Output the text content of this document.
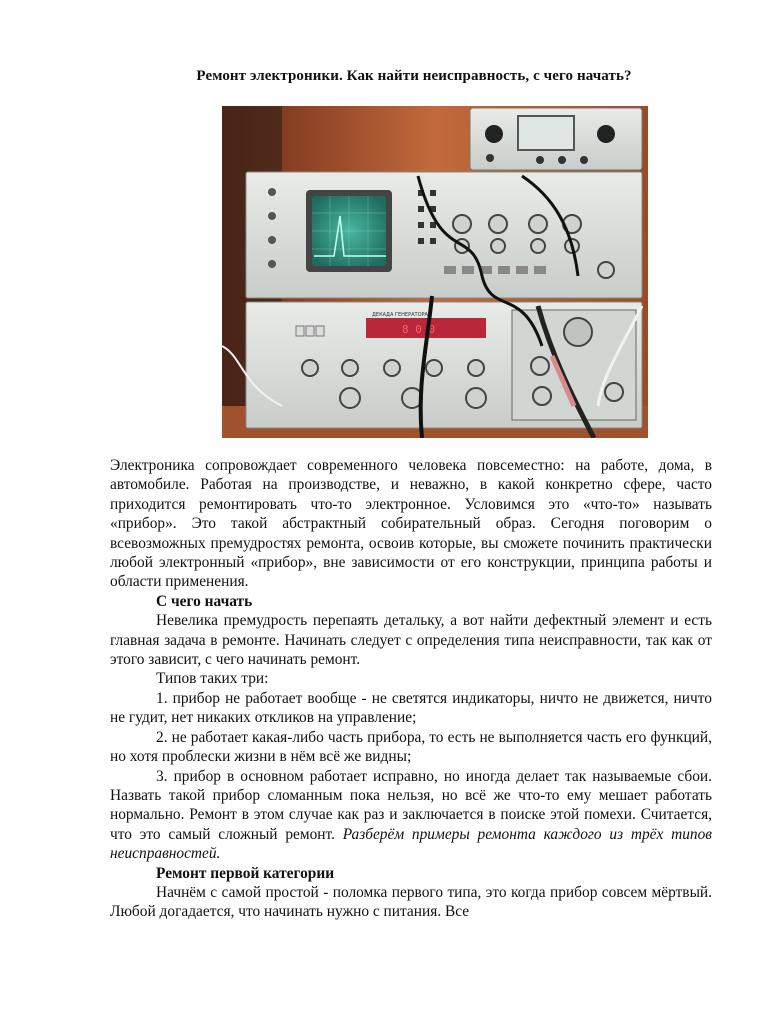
Ремонт электроники. Как найти неисправность, с чего начать?
ДЕКАДА ГЕНЕРАТОРА
8 0 0

Электроника сопровождает современного человека повсеместно: на работе, дома, в автомобиле. Работая на производстве, и неважно, в какой конкретно сфере, часто приходится ремонтировать что-то электронное. Условимся это «что-то» называть «прибор». Это такой абстрактный собирательный образ. Сегодня поговорим о всевозможных премудростях ремонта, освоив которые, вы сможете починить практически любой электронный «прибор», вне зависимости от его конструкции, принципа работы и области применения.

С чего начать

Невелика премудрость перепаять детальку, а вот найти дефектный элемент и есть главная задача в ремонте. Начинать следует с определения типа неисправности, так как от этого зависит, с чего начинать ремонт.

Типов таких три:

1. прибор не работает вообще - не светятся индикаторы, ничто не движется, ничто не гудит, нет никаких откликов на управление;

2. не работает какая-либо часть прибора, то есть не выполняется часть его функций, но хотя проблески жизни в нём всё же видны;

3. прибор в основном работает исправно, но иногда делает так называемые сбои. Назвать такой прибор сломанным пока нельзя, но всё же что-то ему мешает работать нормально. Ремонт в этом случае как раз и заключается в поиске этой помехи. Считается, что это самый сложный ремонт. Разберём примеры ремонта каждого из трёх типов неисправностей.

Ремонт первой категории

Начнём с самой простой - поломка первого типа, это когда прибор совсем мёртвый. Любой догадается, что начинать нужно с питания. Все
